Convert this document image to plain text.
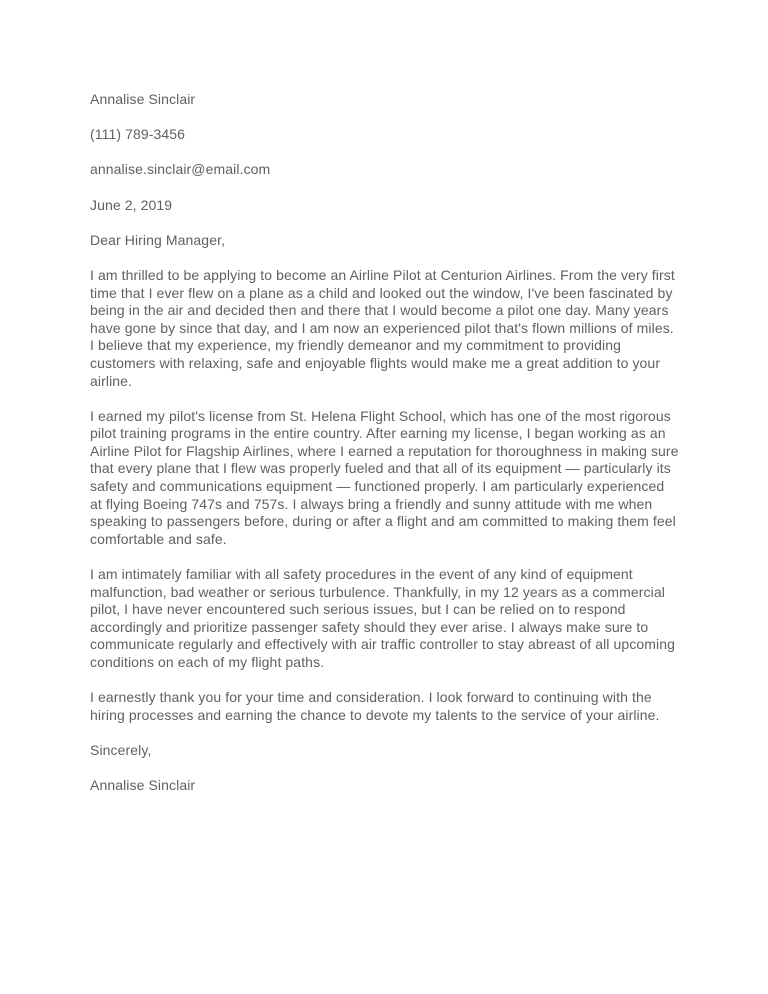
Annalise Sinclair

(111) 789-3456

annalise.sinclair@email.com

June 2, 2019

Dear Hiring Manager,

I am thrilled to be applying to become an Airline Pilot at Centurion Airlines. From the very first time that I ever flew on a plane as a child and looked out the window, I've been fascinated by being in the air and decided then and there that I would become a pilot one day. Many years have gone by since that day, and I am now an experienced pilot that's flown millions of miles. I believe that my experience, my friendly demeanor and my commitment to providing customers with relaxing, safe and enjoyable flights would make me a great addition to your airline.

I earned my pilot's license from St. Helena Flight School, which has one of the most rigorous pilot training programs in the entire country. After earning my license, I began working as an Airline Pilot for Flagship Airlines, where I earned a reputation for thoroughness in making sure that every plane that I flew was properly fueled and that all of its equipment — particularly its safety and communications equipment — functioned properly. I am particularly experienced at flying Boeing 747s and 757s. I always bring a friendly and sunny attitude with me when speaking to passengers before, during or after a flight and am committed to making them feel comfortable and safe.

I am intimately familiar with all safety procedures in the event of any kind of equipment malfunction, bad weather or serious turbulence. Thankfully, in my 12 years as a commercial pilot, I have never encountered such serious issues, but I can be relied on to respond accordingly and prioritize passenger safety should they ever arise. I always make sure to communicate regularly and effectively with air traffic controller to stay abreast of all upcoming conditions on each of my flight paths.

I earnestly thank you for your time and consideration. I look forward to continuing with the hiring processes and earning the chance to devote my talents to the service of your airline.

Sincerely,

Annalise Sinclair
